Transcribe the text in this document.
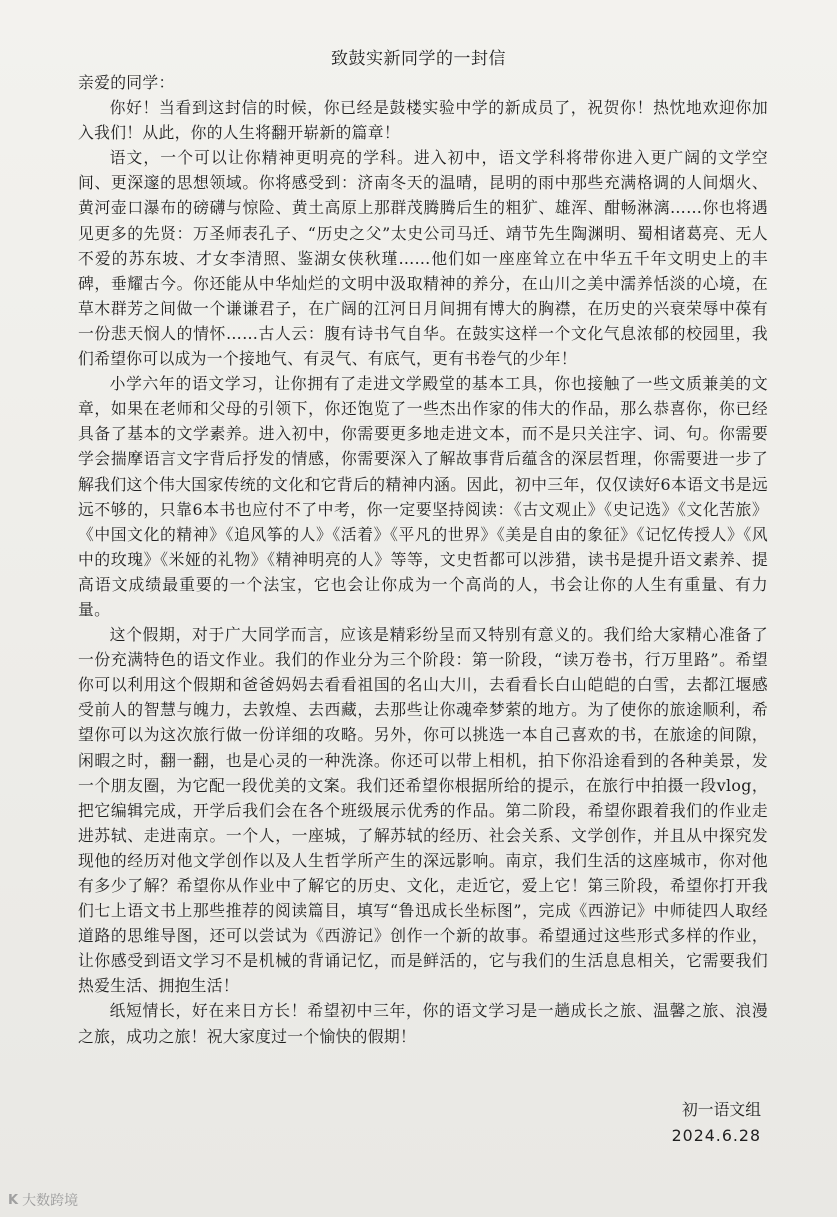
致鼓实新同学的一封信

亲爱的同学：

你好！当看到这封信的时候，你已经是鼓楼实验中学的新成员了，祝贺你！热忱地欢迎你加入我们！从此，你的人生将翻开崭新的篇章！

语文，一个可以让你精神更明亮的学科。进入初中，语文学科将带你进入更广阔的文学空间、更深邃的思想领域。你将感受到：济南冬天的温晴，昆明的雨中那些充满格调的人间烟火、黄河壶口瀑布的磅礴与惊险、黄土高原上那群茂腾腾后生的粗犷、雄浑、酣畅淋漓……你也将遇见更多的先贤：万圣师表孔子、“历史之父”太史公司马迁、靖节先生陶渊明、蜀相诸葛亮、无人不爱的苏东坡、才女李清照、鉴湖女侠秋瑾……他们如一座座耸立在中华五千年文明史上的丰碑，垂耀古今。你还能从中华灿烂的文明中汲取精神的养分，在山川之美中濡养恬淡的心境，在草木群芳之间做一个谦谦君子，在广阔的江河日月间拥有博大的胸襟，在历史的兴衰荣辱中葆有一份悲天悯人的情怀……古人云：腹有诗书气自华。在鼓实这样一个文化气息浓郁的校园里，我们希望你可以成为一个接地气、有灵气、有底气，更有书卷气的少年！

小学六年的语文学习，让你拥有了走进文学殿堂的基本工具，你也接触了一些文质兼美的文章，如果在老师和父母的引领下，你还饱览了一些杰出作家的伟大的作品，那么恭喜你，你已经具备了基本的文学素养。进入初中，你需要更多地走进文本，而不是只关注字、词、句。你需要学会揣摩语言文字背后抒发的情感，你需要深入了解故事背后蕴含的深层哲理，你需要进一步了解我们这个伟大国家传统的文化和它背后的精神内涵。因此，初中三年，仅仅读好6本语文书是远远不够的，只靠6本书也应付不了中考，你一定要坚持阅读：《古文观止》《史记选》《文化苦旅》《中国文化的精神》《追风筝的人》《活着》《平凡的世界》《美是自由的象征》《记忆传授人》《风中的玫瑰》《米娅的礼物》《精神明亮的人》等等，文史哲都可以涉猎，读书是提升语文素养、提高语文成绩最重要的一个法宝，它也会让你成为一个高尚的人，书会让你的人生有重量、有力量。

这个假期，对于广大同学而言，应该是精彩纷呈而又特别有意义的。我们给大家精心准备了一份充满特色的语文作业。我们的作业分为三个阶段：第一阶段，“读万卷书，行万里路”。希望你可以利用这个假期和爸爸妈妈去看看祖国的名山大川，去看看长白山皑皑的白雪，去都江堰感受前人的智慧与魄力，去敦煌、去西藏，去那些让你魂牵梦萦的地方。为了使你的旅途顺利，希望你可以为这次旅行做一份详细的攻略。另外，你可以挑选一本自己喜欢的书，在旅途的间隙，闲暇之时，翻一翻，也是心灵的一种洗涤。你还可以带上相机，拍下你沿途看到的各种美景，发一个朋友圈，为它配一段优美的文案。我们还希望你根据所给的提示，在旅行中拍摄一段vlog，把它编辑完成，开学后我们会在各个班级展示优秀的作品。第二阶段，希望你跟着我们的作业走进苏轼、走进南京。一个人，一座城，了解苏轼的经历、社会关系、文学创作，并且从中探究发现他的经历对他文学创作以及人生哲学所产生的深远影响。南京，我们生活的这座城市，你对他有多少了解？希望你从作业中了解它的历史、文化，走近它，爱上它！第三阶段，希望你打开我们七上语文书上那些推荐的阅读篇目，填写“鲁迅成长坐标图”，完成《西游记》中师徒四人取经道路的思维导图，还可以尝试为《西游记》创作一个新的故事。希望通过这些形式多样的作业，让你感受到语文学习不是机械的背诵记忆，而是鲜活的，它与我们的生活息息相关，它需要我们热爱生活、拥抱生活！

纸短情长，好在来日方长！希望初中三年，你的语文学习是一趟成长之旅、温馨之旅、浪漫之旅，成功之旅！祝大家度过一个愉快的假期！

初一语文组
2024.6.28
K 大数跨境
